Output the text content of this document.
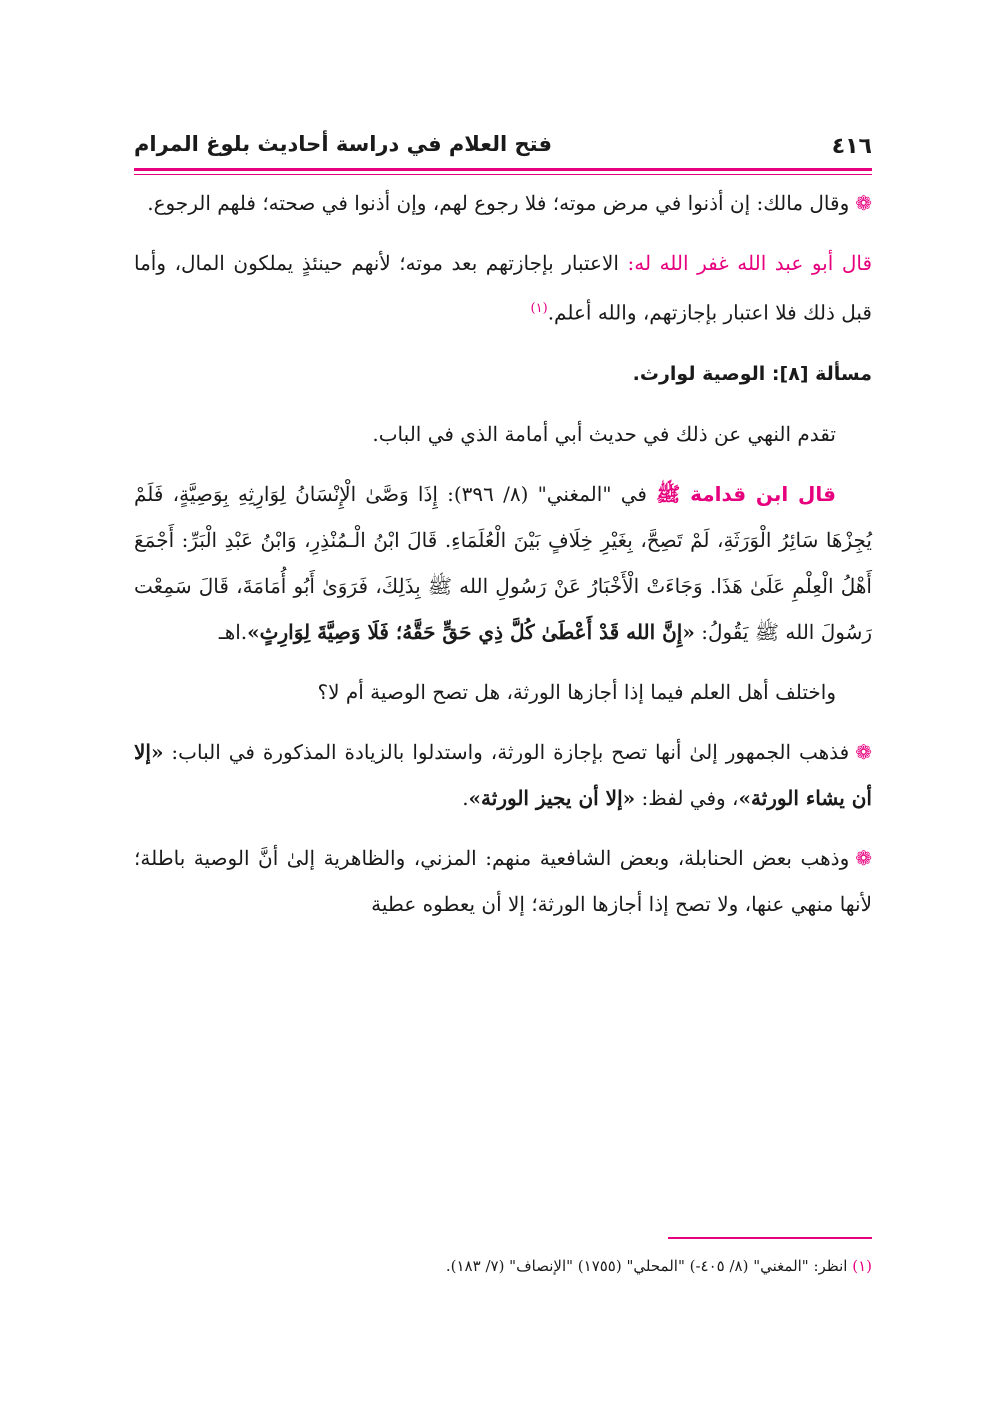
٤١٦
فتح العلام في دراسة أحاديث بلوغ المرام

❁وقال مالك: إن أذنوا في مرض موته؛ فلا رجوع لهم، وإن أذنوا في صحته؛ فلهم الرجوع.

قال أبو عبد الله غفر الله له: الاعتبار بإجازتهم بعد موته؛ لأنهم حينئذٍ يملكون المال، وأما قبل ذلك فلا اعتبار بإجازتهم، والله أعلم.$^{(١)}$

مسألة [٨]: الوصية لوارث.

تقدم النهي عن ذلك في حديث أبي أمامة الذي في الباب.

قال ابن قدامة ﷺ في "المغني" (٨/ ٣٩٦): إِذَا وَصَّىٰ الْإِنْسَانُ لِوَارِثِهِ بِوَصِيَّةٍ، فَلَمْ يُجِزْهَا سَائِرُ الْوَرَثَةِ، لَمْ تَصِحَّ، بِغَيْرِ خِلَافٍ بَيْنَ الْعُلَمَاءِ. قَالَ ابْنُ الْـمُنْذِرِ، وَابْنُ عَبْدِ الْبَرِّ: أَجْمَعَ أَهْلُ الْعِلْمِ عَلَىٰ هَذَا. وَجَاءَتْ الْأَخْبَارُ عَنْ رَسُولِ الله ﷺ بِذَلِكَ، فَرَوَىٰ أَبُو أُمَامَةَ، قَالَ سَمِعْت رَسُولَ الله ﷺ يَقُولُ: «إِنَّ الله قَدْ أَعْطَىٰ كُلَّ ذِي حَقٍّ حَقَّهُ؛ فَلَا وَصِيَّةَ لِوَارِثٍ».اهـ

واختلف أهل العلم فيما إذا أجازها الورثة، هل تصح الوصية أم لا؟

❁فذهب الجمهور إلىٰ أنها تصح بإجازة الورثة، واستدلوا بالزيادة المذكورة في الباب: «إلا أن يشاء الورثة»، وفي لفظ: «إلا أن يجيز الورثة».

❁وذهب بعض الحنابلة، وبعض الشافعية منهم: المزني، والظاهرية إلىٰ أنَّ الوصية باطلة؛ لأنها منهي عنها، ولا تصح إذا أجازها الورثة؛ إلا أن يعطوه عطية

(١) انظر: "المغني" (٨/ ٤٠٥-) "المحلي" (١٧٥٥) "الإنصاف" (٧/ ١٨٣).
